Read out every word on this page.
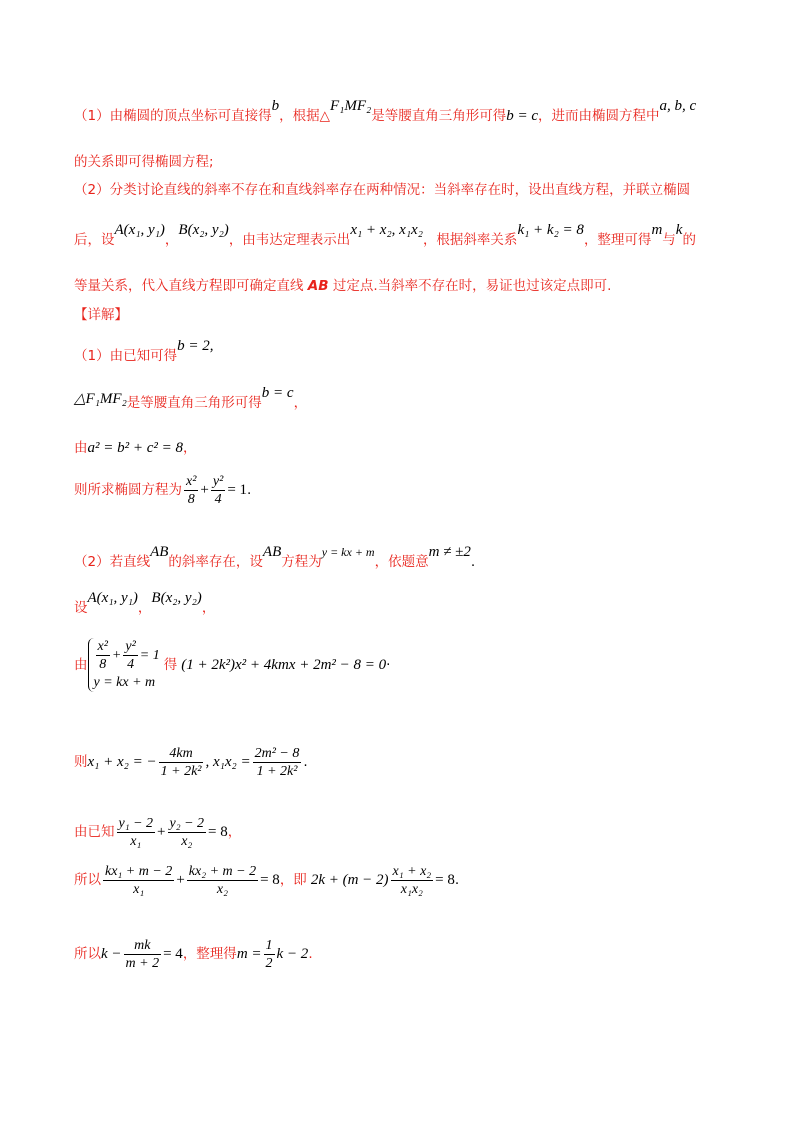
（1）由椭圆的顶点坐标可直接得b，根据△F₁MF₂是等腰直角三角形可得b = c，进而由椭圆方程中a, b, c
的关系即可得椭圆方程;
（2）分类讨论直线的斜率不存在和直线斜率存在两种情况：当斜率存在时，设出直线方程，并联立椭圆
后，设A(x₁, y₁)，B(x₂, y₂)，由韦达定理表示出x₁ + x₂, x₁x₂，根据斜率关系k₁ + k₂ = 8，整理可得m与k的
等量关系，代入直线方程即可确定直线 AB 过定点.当斜率不存在时，易证也过该定点即可.
【详解】
（1）由已知可得b = 2,
△F₁MF₂是等腰直角三角形可得b = c，
由a² = b² + c² = 8，
则所求椭圆方程为 $\frac{\text{x²}}{8} + \frac{\text{y²}}{4} = 1$.
（2）若直线AB的斜率存在，设AB方程为y = kx + m，依题意m ≠ ±2.
设A(x₁, y₁)，B(x₂, y₂)，
由 $\frac{\text{x²}}{8} + \frac{\text{y²}}{4} = 1$
y = kx + m
得 (1 + 2k²)x² + 4kmx + 2m² − 8 = 0·
则x₁ + x₂ = − $\frac{4km}{\text{1 + 2k²}}$ , $x_1x_2 = \frac{\text{2m² − 8}}{\text{1 + 2k²}}$ .
由已知 $\frac{\text{y₁ − 2}}{\text{x₁}} + \frac{\text{y₂ − 2}}{\text{x₂}} = 8$，
所以 $\frac{\text{kx₁ + m − 2}}{\text{x₁}} + \frac{\text{kx₂ + m − 2}}{\text{x₂}} = 8$，即 $2k + (m - 2) \frac{\text{x₁ + x₂}}{\text{x₁x₂}} = 8$.
所以$k - \frac{mk}{m + 2} = 4$，整理得$m = \frac{1}{2}$ k − 2.
